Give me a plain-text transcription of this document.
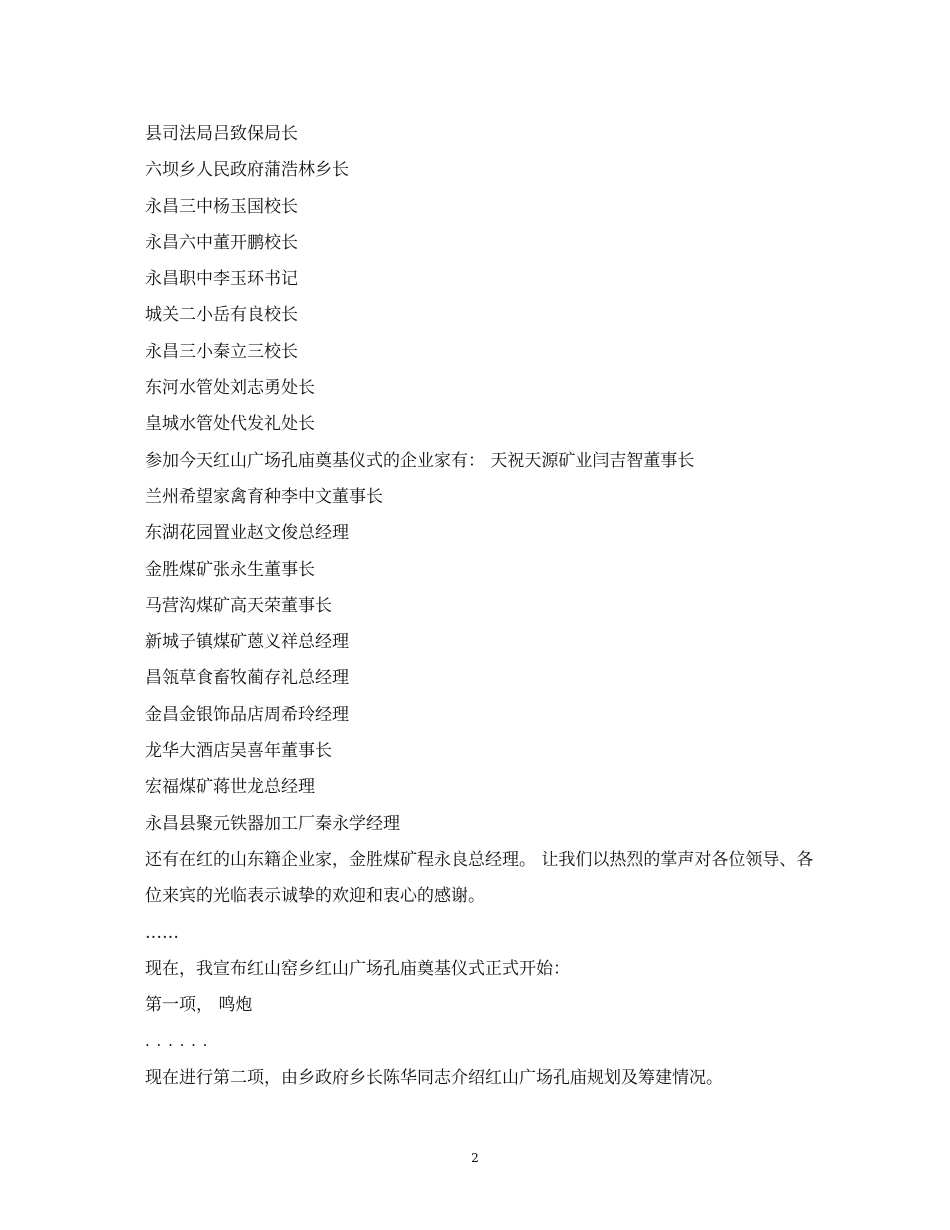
县司法局吕致保局长
六坝乡人民政府蒲浩林乡长
永昌三中杨玉国校长
永昌六中董开鹏校长
永昌职中李玉环书记
城关二小岳有良校长
永昌三小秦立三校长
东河水管处刘志勇处长
皇城水管处代发礼处长
参加今天红山广场孔庙奠基仪式的企业家有： 天祝天源矿业闫吉智董事长
兰州希望家禽育种李中文董事长
东湖花园置业赵文俊总经理
金胜煤矿张永生董事长
马营沟煤矿高天荣董事长
新城子镇煤矿蒽义祥总经理
昌瓴草食畜牧蔺存礼总经理
金昌金银饰品店周希玲经理
龙华大酒店吴喜年董事长
宏福煤矿蒋世龙总经理
永昌县聚元铁器加工厂秦永学经理
还有在红的山东籍企业家，金胜煤矿程永良总经理。 让我们以热烈的掌声对各位领导、各位来宾的光临表示诚挚的欢迎和衷心的感谢。
……
现在，我宣布红山窑乡红山广场孔庙奠基仪式正式开始：
第一项， 鸣炮
. . . . . .
现在进行第二项，由乡政府乡长陈华同志介绍红山广场孔庙规划及筹建情况。
2
